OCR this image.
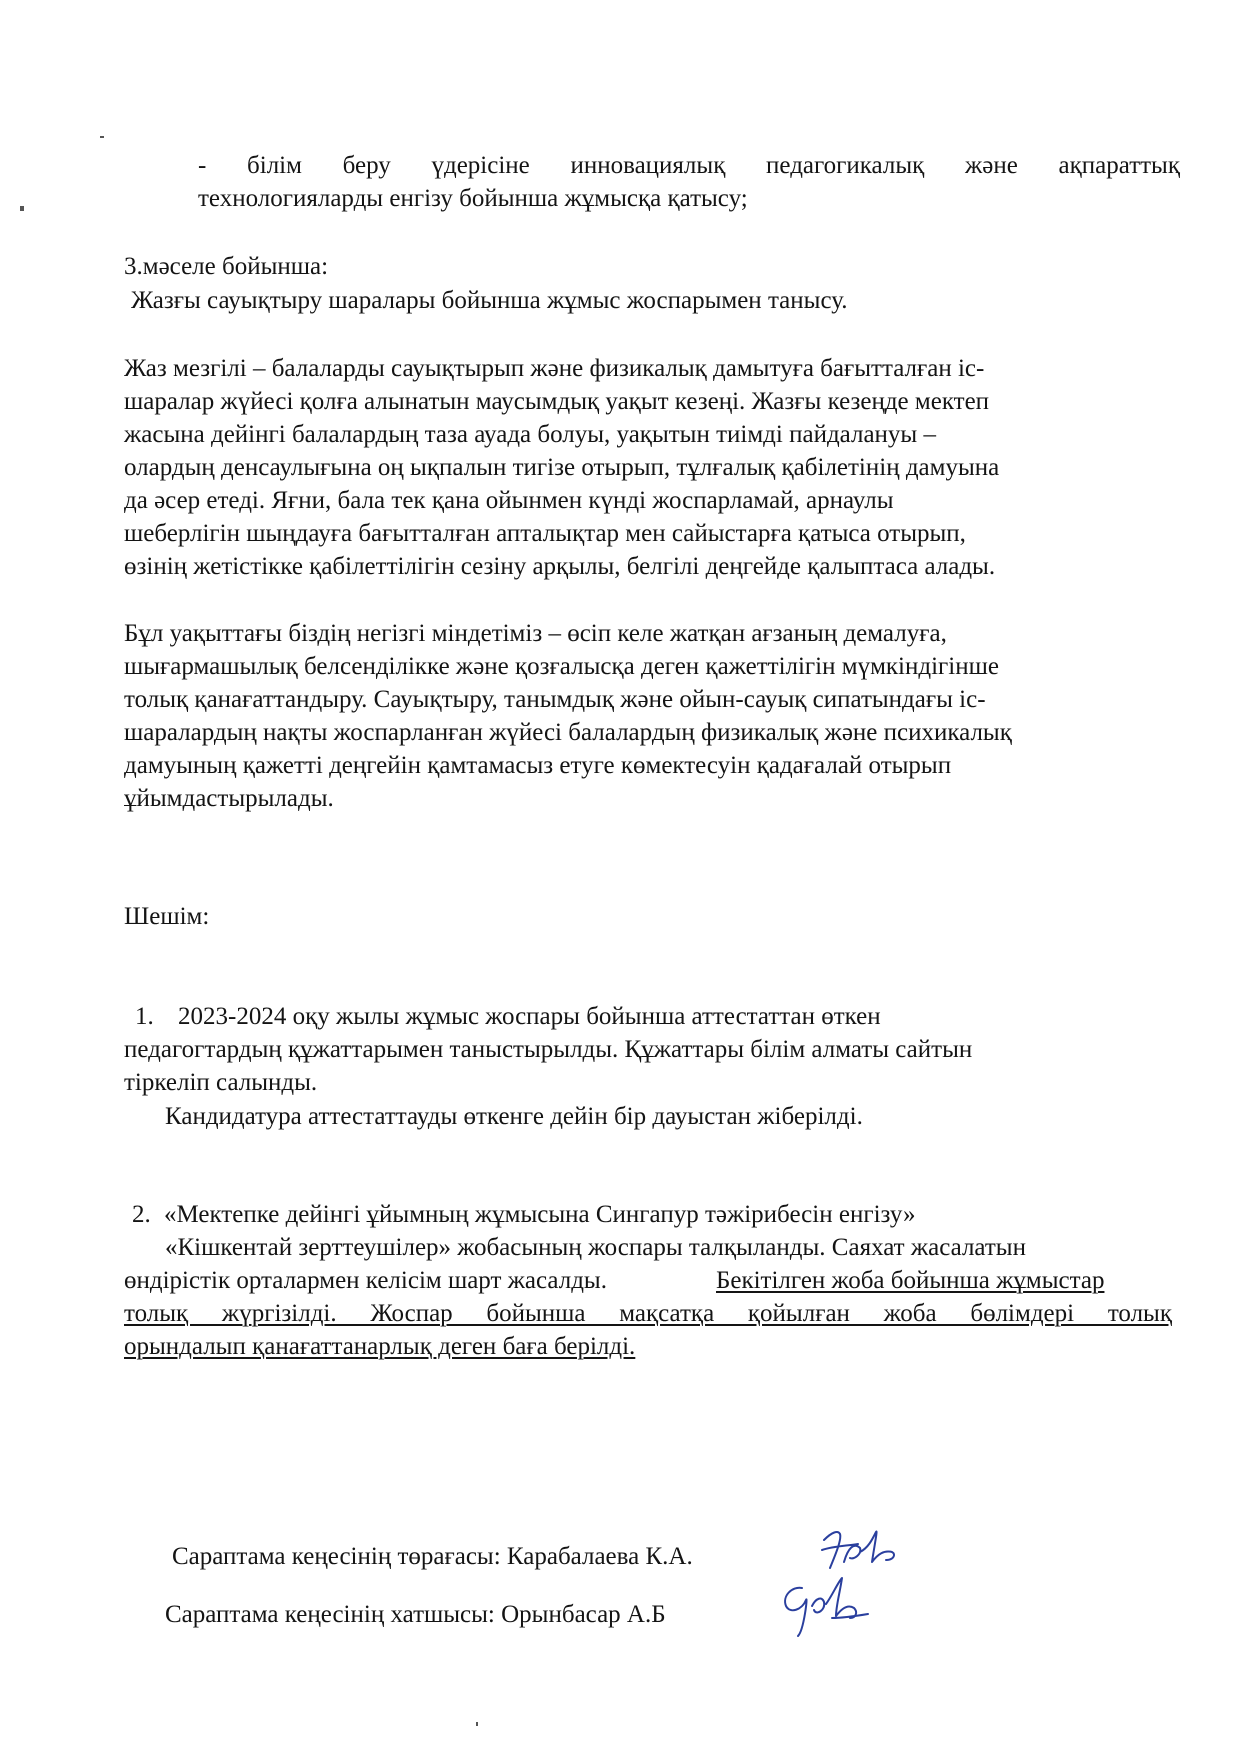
- білім беру үдерісіне инновациялық педагогикалық және ақпараттық
технологияларды енгізу бойынша жұмысқа қатысу;
3.мәселе бойынша:
Жазғы сауықтыру шаралары бойынша жұмыс жоспарымен танысу.
Жаз мезгілі – балаларды сауықтырып және физикалық дамытуға бағытталған іс-
шаралар жүйесі қолға алынатын маусымдық уақыт кезеңі. Жазғы кезеңде мектеп
жасына дейінгі балалардың таза ауада болуы, уақытын тиімді пайдалануы –
олардың денсаулығына оң ықпалын тигізе отырып, тұлғалық қабілетінің дамуына
да әсер етеді. Яғни, бала тек қана ойынмен күнді жоспарламай, арнаулы
шеберлігін шыңдауға бағытталған апталықтар мен сайыстарға қатыса отырып,
өзінің жетістікке қабілеттілігін сезіну арқылы, белгілі деңгейде қалыптаса алады.
Бұл уақыттағы біздің негізгі міндетіміз – өсіп келе жатқан ағзаның демалуға,
шығармашылық белсенділікке және қозғалысқа деген қажеттілігін мүмкіндігінше
толық қанағаттандыру. Сауықтыру, танымдық және ойын-сауық сипатындағы іс-
шаралардың нақты жоспарланған жүйесі балалардың физикалық және психикалық
дамуының қажетті деңгейін қамтамасыз етуге көмектесуін қадағалай отырып
ұйымдастырылады.
Шешім:
1. 2023-2024 оқу жылы жұмыс жоспары бойынша аттестаттан өткен
педагогтардың құжаттарымен таныстырылды. Құжаттары білім алматы сайтын
тіркеліп салынды.
Кандидатура аттестаттауды өткенге дейін бір дауыстан жіберілді.
2. «Мектепке дейінгі ұйымның жұмысына Сингапур тәжірибесін енгізу»
«Кішкентай зерттеушілер» жобасының жоспары талқыланды. Саяхат жасалатын
өндірістік орталармен келісім шарт жасалды.	Бекітілген жоба бойынша жұмыстар
толық жүргізілді. Жоспар бойынша мақсатқа қойылған жоба бөлімдері толық
орындалып қанағаттанарлық деген баға берілді.
Сараптама кеңесінің төрағасы: Карабалаева К.А.
Сараптама кеңесінің хатшысы: Орынбасар А.Б
